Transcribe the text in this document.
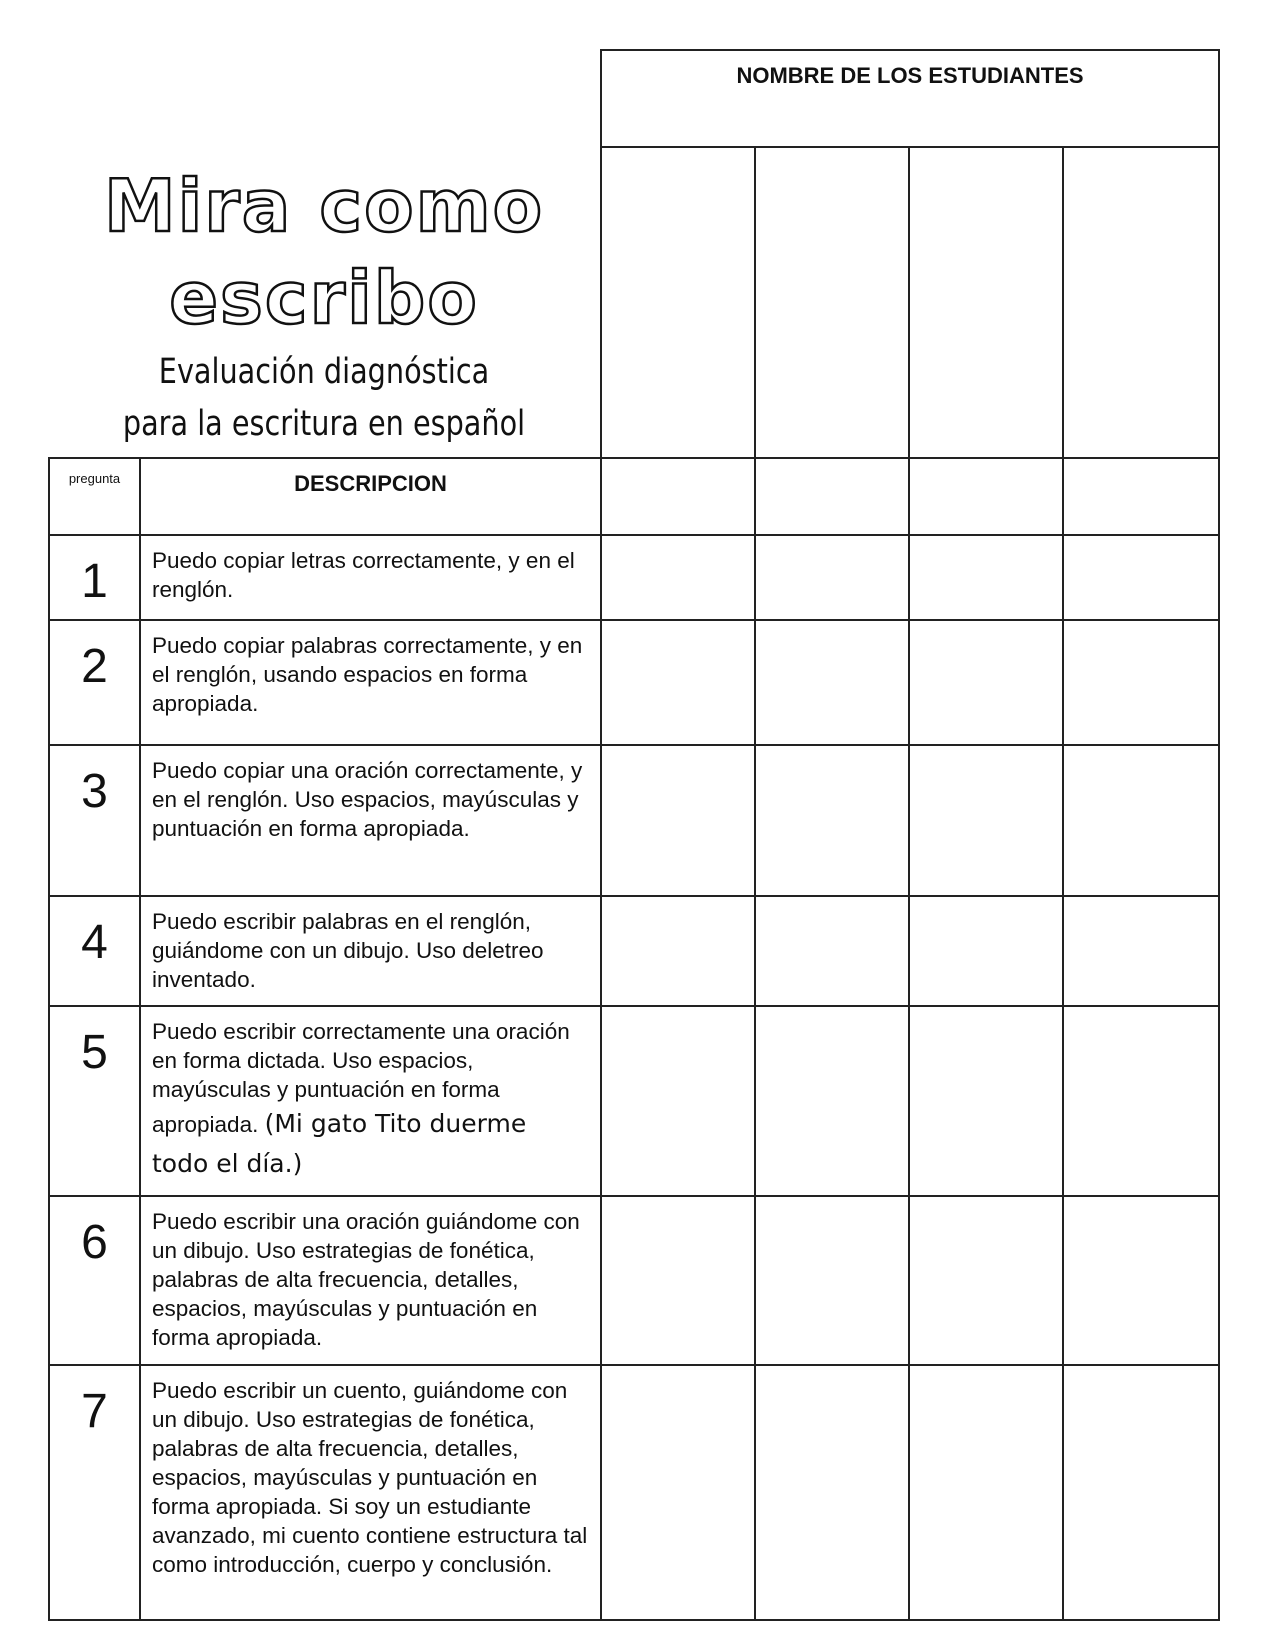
Mira como
escribo
Evaluación diagnóstica
para la escritura en español
		NOMBRE DE LOS ESTUDIANTES			

pregunta	DESCRIPCION				
1	Puedo copiar letras correctamente, y en el renglón.				
2	Puedo copiar palabras correctamente, y en el renglón, usando espacios en forma apropiada.				
3	Puedo copiar una oración correctamente, y en el renglón. Uso espacios, mayúsculas y puntuación en forma apropiada.				
4	Puedo escribir palabras en el renglón, guiándome con un dibujo. Uso deletreo inventado.				
5	Puedo escribir correctamente una oración en forma dictada. Uso espacios, mayúsculas y puntuación en forma apropiada. (Mi gato Tito duerme todo el día.)				
6	Puedo escribir una oración guiándome con un dibujo. Uso estrategias de fonética, palabras de alta frecuencia, detalles, espacios, mayúsculas y puntuación en forma apropiada.				
7	Puedo escribir un cuento, guiándome con un dibujo. Uso estrategias de fonética, palabras de alta frecuencia, detalles, espacios, mayúsculas y puntuación en forma apropiada. Si soy un estudiante avanzado, mi cuento contiene estructura tal como introducción, cuerpo y conclusión.				
